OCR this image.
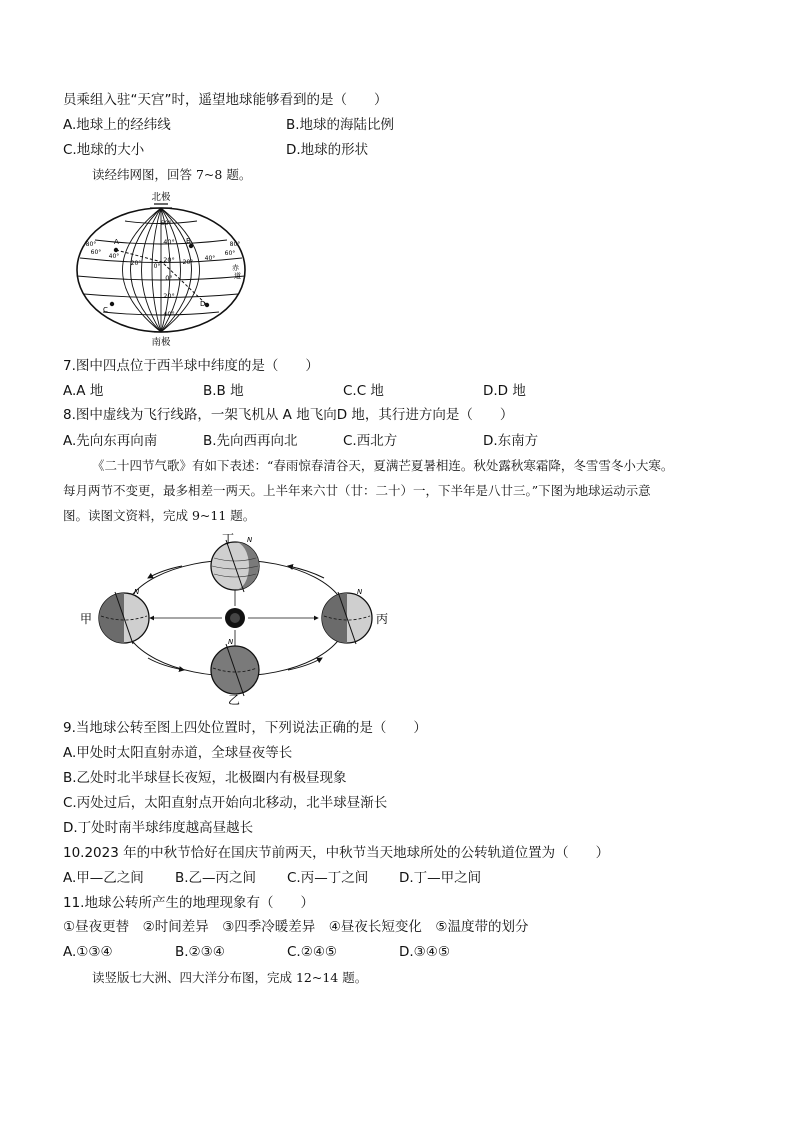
员乘组入驻“天宫”时，遥望地球能够看到的是（　　）
A.地球上的经纬线	B.地球的海陆比例
C.地球的大小	D.地球的形状
读经纬网图，回答 7~8 题。
北极
南极
60°
40°
20°
0°
20°
40°
80°
60°
40°
20° 0°
20°
40°
60°
80°
A	B
C
D
赤
道
7.图中四点位于西半球中纬度的是（　　）
A.A 地	B.B 地	C.C 地	D.D 地
8.图中虚线为飞行线路，一架飞机从 A 地飞向D 地，其行进方向是（　　）
A.先向东再向南	B.先向西再向北	C.西北方	D.东南方
《二十四节气歌》有如下表述：“春雨惊春清谷天，夏满芒夏暑相连。秋处露秋寒霜降，冬雪雪冬小大寒。
每月两节不变更，最多相差一两天。上半年来六廿（廿：二十）一，下半年是八廿三。”下图为地球运动示意
图。读图文资料，完成 9~11 题。
N
N	N
N
丁
甲	丙
乙
9.当地球公转至图上四处位置时，下列说法正确的是（　　）
A.甲处时太阳直射赤道，全球昼夜等长
B.乙处时北半球昼长夜短，北极圈内有极昼现象
C.丙处过后，太阳直射点开始向北移动，北半球昼渐长
D.丁处时南半球纬度越高昼越长
10.2023 年的中秋节恰好在国庆节前两天，中秋节当天地球所处的公转轨道位置为（　　）
A.甲—乙之间 B.乙—丙之间 C.丙—丁之间 D.丁—甲之间
11.地球公转所产生的地理现象有（　　）
①昼夜更替　②时间差异　③四季冷暖差异　④昼夜长短变化　⑤温度带的划分
A.①③④	B.②③④	C.②④⑤	D.③④⑤
读竖版七大洲、四大洋分布图，完成 12~14 题。
